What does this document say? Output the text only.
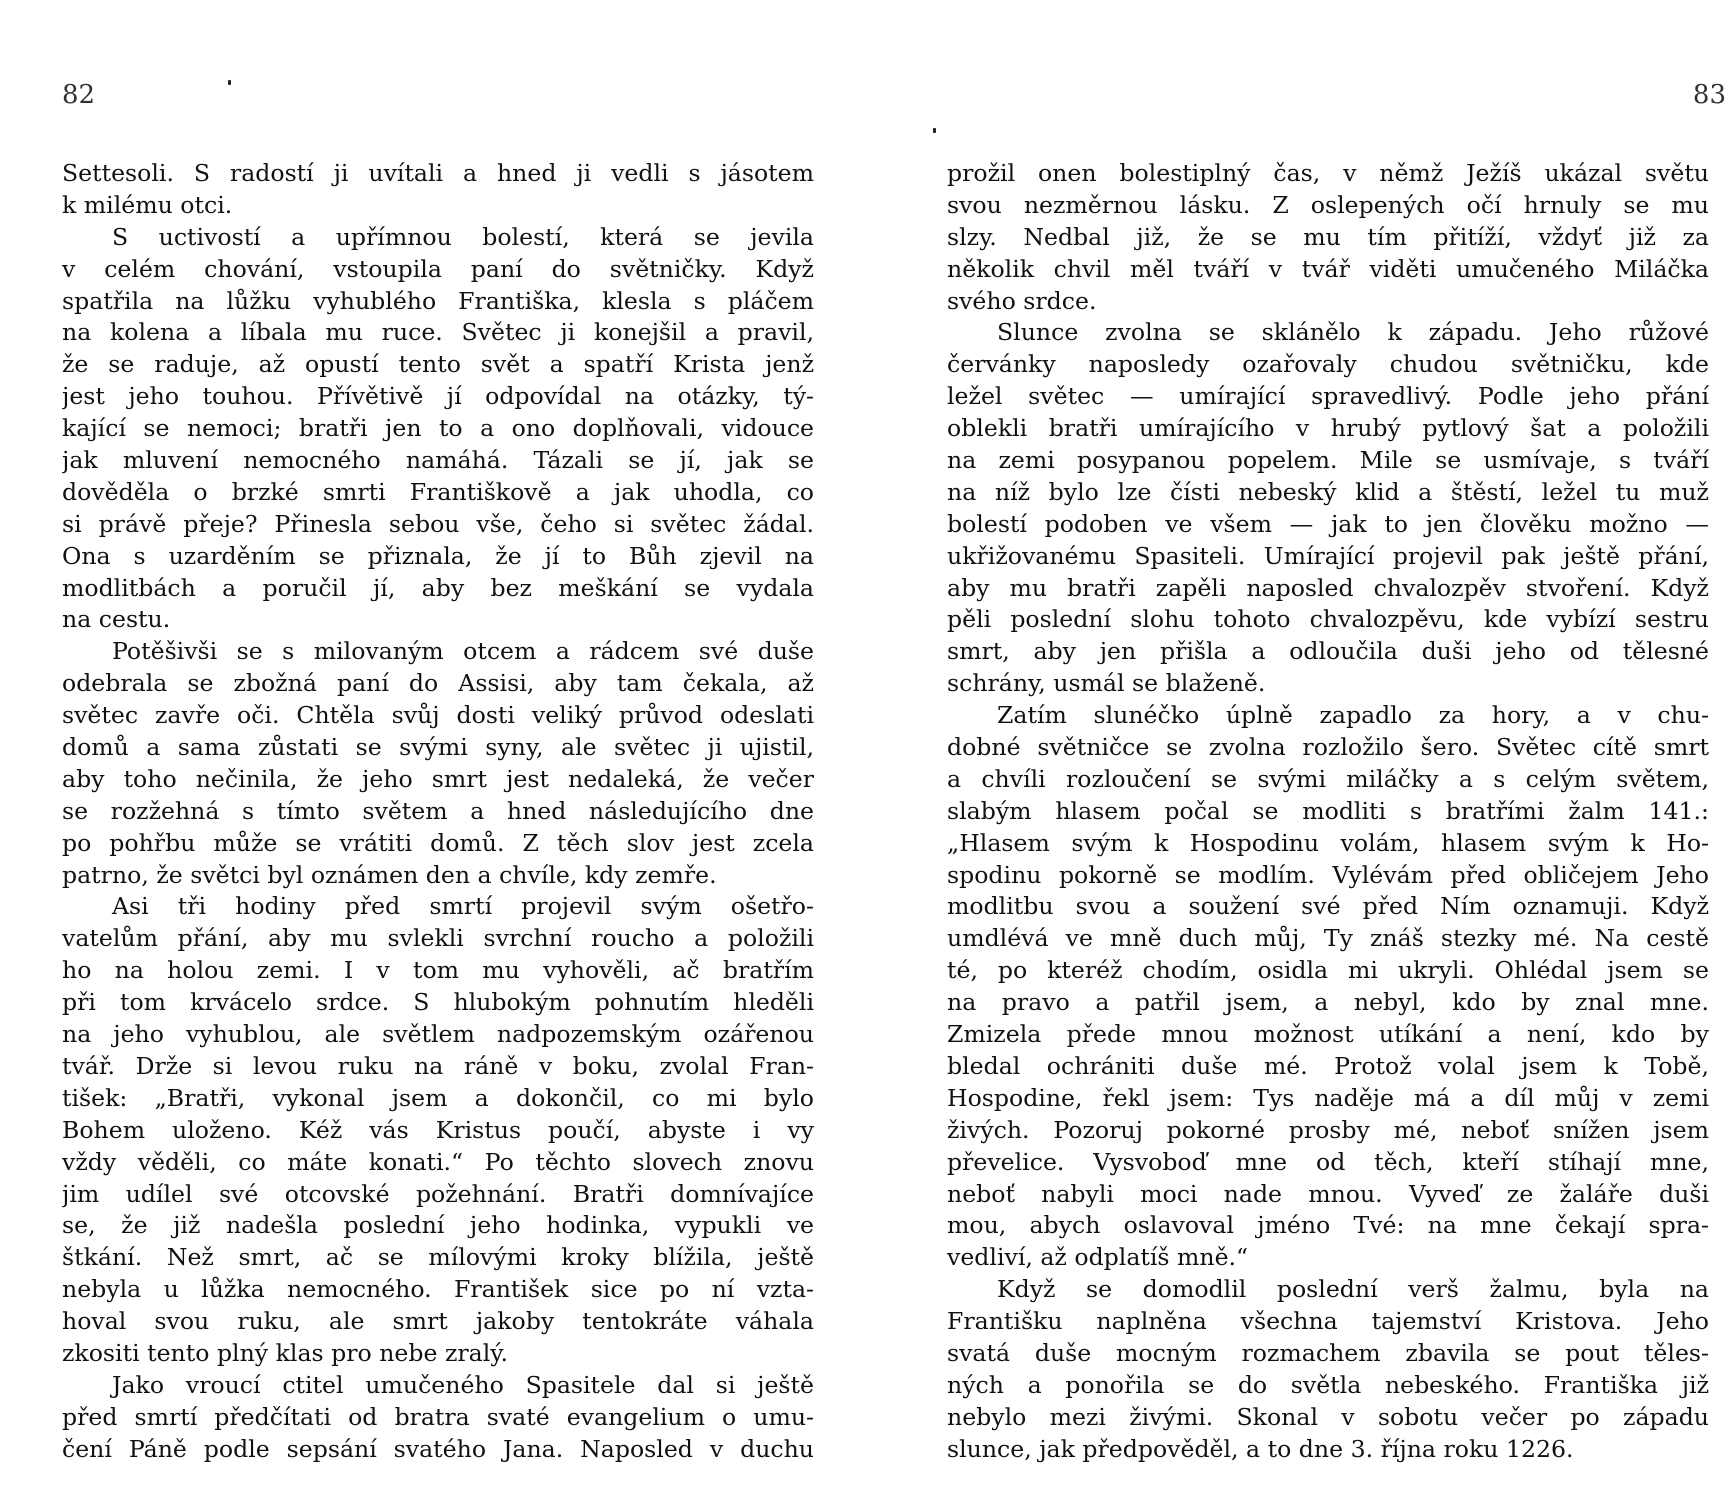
82
Settesoli. S radostí ji uvítali a hned ji vedli s jásotem
k milému otci.
S uctivostí a upřímnou bolestí, která se jevila
v celém chování, vstoupila paní do světničky. Když
spatřila na lůžku vyhublého Františka, klesla s pláčem
na kolena a líbala mu ruce. Světec ji konejšil a pravil,
že se raduje, až opustí tento svět a spatří Krista jenž
jest jeho touhou. Přívětivě jí odpovídal na otázky, tý-
kající se nemoci; bratři jen to a ono doplňovali, vidouce
jak mluvení nemocného namáhá. Tázali se jí, jak se
dověděla o brzké smrti Františkově a jak uhodla, co
si právě přeje? Přinesla sebou vše, čeho si světec žádal.
Ona s uzarděním se přiznala, že jí to Bůh zjevil na
modlitbách a poručil jí, aby bez meškání se vydala
na cestu.
Potěšivši se s milovaným otcem a rádcem své duše
odebrala se zbožná paní do Assisi, aby tam čekala, až
světec zavře oči. Chtěla svůj dosti veliký průvod odeslati
domů a sama zůstati se svými syny, ale světec ji ujistil,
aby toho nečinila, že jeho smrt jest nedaleká, že večer
se rozžehná s tímto světem a hned následujícího dne
po pohřbu může se vrátiti domů. Z těch slov jest zcela
patrno, že světci byl oznámen den a chvíle, kdy zemře.
Asi tři hodiny před smrtí projevil svým ošetřo-
vatelům přání, aby mu svlekli svrchní roucho a položili
ho na holou zemi. I v tom mu vyhověli, ač bratřím
při tom krvácelo srdce. S hlubokým pohnutím hleděli
na jeho vyhublou, ale světlem nadpozemským ozářenou
tvář. Drže si levou ruku na ráně v boku, zvolal Fran-
tišek: „Bratři, vykonal jsem a dokončil, co mi bylo
Bohem uloženo. Kéž vás Kristus poučí, abyste i vy
vždy věděli, co máte konati.“ Po těchto slovech znovu
jim udílel své otcovské požehnání. Bratři domnívajíce
se, že již nadešla poslední jeho hodinka, vypukli ve
štkání. Než smrt, ač se mílovými kroky blížila, ještě
nebyla u lůžka nemocného. František sice po ní vzta-
hoval svou ruku, ale smrt jakoby tentokráte váhala
zkositi tento plný klas pro nebe zralý.
Jako vroucí ctitel umučeného Spasitele dal si ještě
před smrtí předčítati od bratra svaté evangelium o umu-
čení Páně podle sepsání svatého Jana. Naposled v duchu
83
prožil onen bolestiplný čas, v němž Ježíš ukázal světu
svou nezměrnou lásku. Z oslepených očí hrnuly se mu
slzy. Nedbal již, že se mu tím přitíží, vždyť již za
několik chvil měl tváří v tvář viděti umučeného Miláčka
svého srdce.
Slunce zvolna se sklánělo k západu. Jeho růžové
červánky naposledy ozařovaly chudou světničku, kde
ležel světec — umírající spravedlivý. Podle jeho přání
oblekli bratři umírajícího v hrubý pytlový šat a položili
na zemi posypanou popelem. Mile se usmívaje, s tváří
na níž bylo lze čísti nebeský klid a štěstí, ležel tu muž
bolestí podoben ve všem — jak to jen člověku možno —
ukřižovanému Spasiteli. Umírající projevil pak ještě přání,
aby mu bratři zapěli naposled chvalozpěv stvoření. Když
pěli poslední slohu tohoto chvalozpěvu, kde vybízí sestru
smrt, aby jen přišla a odloučila duši jeho od tělesné
schrány, usmál se blaženě.
Zatím slunéčko úplně zapadlo za hory, a v chu-
dobné světničce se zvolna rozložilo šero. Světec cítě smrt
a chvíli rozloučení se svými miláčky a s celým světem,
slabým hlasem počal se modliti s bratřími žalm 141.:
„Hlasem svým k Hospodinu volám, hlasem svým k Ho-
spodinu pokorně se modlím. Vylévám před obličejem Jeho
modlitbu svou a soužení své před Ním oznamuji. Když
umdlévá ve mně duch můj, Ty znáš stezky mé. Na cestě
té, po kteréž chodím, osidla mi ukryli. Ohlédal jsem se
na pravo a patřil jsem, a nebyl, kdo by znal mne.
Zmizela přede mnou možnost utíkání a není, kdo by
bledal ochrániti duše mé. Protož volal jsem k Tobě,
Hospodine, řekl jsem: Tys naděje má a díl můj v zemi
živých. Pozoruj pokorné prosby mé, neboť snížen jsem
převelice. Vysvoboď mne od těch, kteří stíhají mne,
neboť nabyli moci nade mnou. Vyveď ze žaláře duši
mou, abych oslavoval jméno Tvé: na mne čekají spra-
vedliví, až odplatíš mně.“
Když se domodlil poslední verš žalmu, byla na
Františku naplněna všechna tajemství Kristova. Jeho
svatá duše mocným rozmachem zbavila se pout těles-
ných a ponořila se do světla nebeského. Františka již
nebylo mezi živými. Skonal v sobotu večer po západu
slunce, jak předpověděl, a to dne 3. října roku 1226.
